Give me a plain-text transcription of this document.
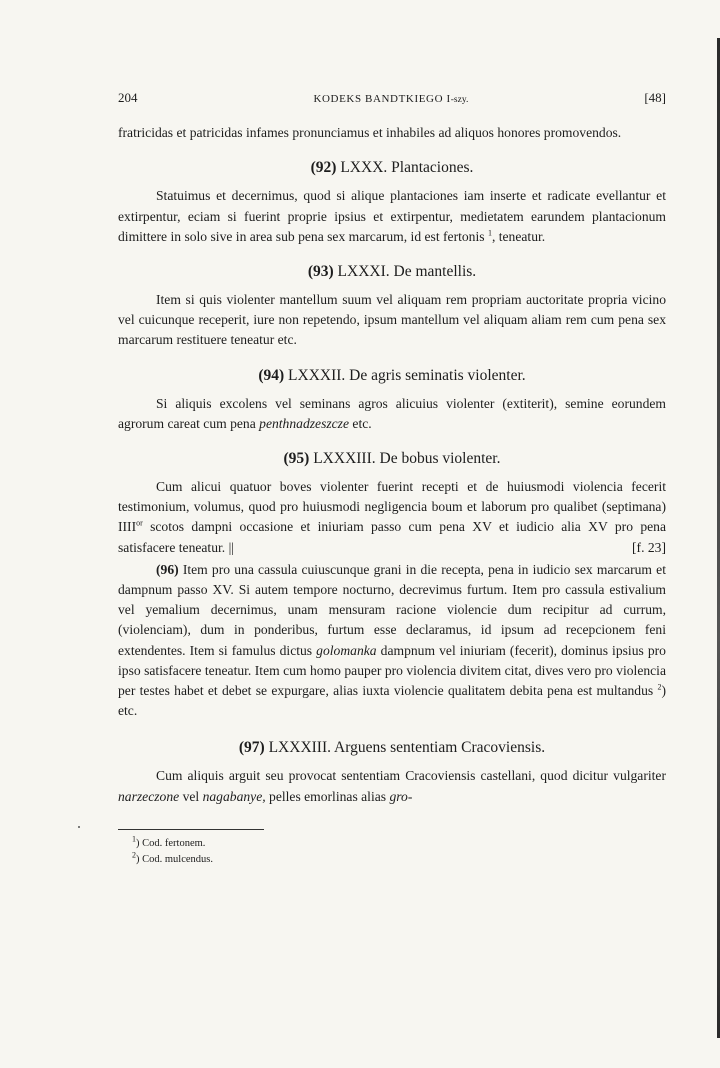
204	KODEKS BANDTKIEGO I-szy.	[48]

fratricidas et patricidas infames pronunciamus et inhabiles ad aliquos honores promovendos.

(92) LXXX. Plantaciones.

Statuimus et decernimus, quod si alique plantaciones iam inserte et radicate evellantur et extirpentur, eciam si fuerint proprie ipsius et extirpentur, medietatem earundem plantacionum dimittere in solo sive in area sub pena sex marcarum, id est fertonis $^1$, teneatur.

(93) LXXXI. De mantellis.

Item si quis violenter mantellum suum vel aliquam rem propriam auctoritate propria vicino vel cuicunque receperit, iure non repetendo, ipsum mantellum vel aliquam aliam rem cum pena sex marcarum restituere teneatur etc.

(94) LXXXII. De agris seminatis violenter.

Si aliquis excolens vel seminans agros alicuius violenter (extiterit), semine eorundem agrorum careat cum pena penthnadzeszcze etc.

(95) LXXXIII. De bobus violenter.

Cum alicui quatuor boves violenter fuerint recepti et de huiusmodi violencia fecerit testimonium, volumus, quod pro huiusmodi negligencia boum et laborum pro qualibet (septimana) $IIII^{or}$ scotos dampni occasione et iniuriam passo cum pena XV et iudicio alia XV pro pena satisfacere teneatur. ||	[f. 23]

(96) Item pro una cassula cuiuscunque grani in die recepta, pena in iudicio sex marcarum et dampnum passo XV. Si autem tempore nocturno, decrevimus furtum. Item pro cassula estivalium vel yemalium decernimus, unam mensuram racione violencie dum recipitur ad currum, (violenciam), dum in ponderibus, furtum esse declaramus, id ipsum ad recepcionem feni extendentes. Item si famulus dictus golomanka dampnum vel iniuriam (fecerit), dominus ipsius pro ipso satisfacere teneatur. Item cum homo pauper pro violencia divitem citat, dives vero pro violencia per testes habet et debet se expurgare, alias iuxta violencie qualitatem debita pena est multandus $^2$) etc.

(97) LXXXIII. Arguens sententiam Cracoviensis.

Cum aliquis arguit seu provocat sententiam Cracoviensis castellani, quod dicitur vulgariter narzeczone vel nagabanye, pelles emorlinas alias gro-

$^1$) Cod. fertonem.
$^2$) Cod. mulcendus.
